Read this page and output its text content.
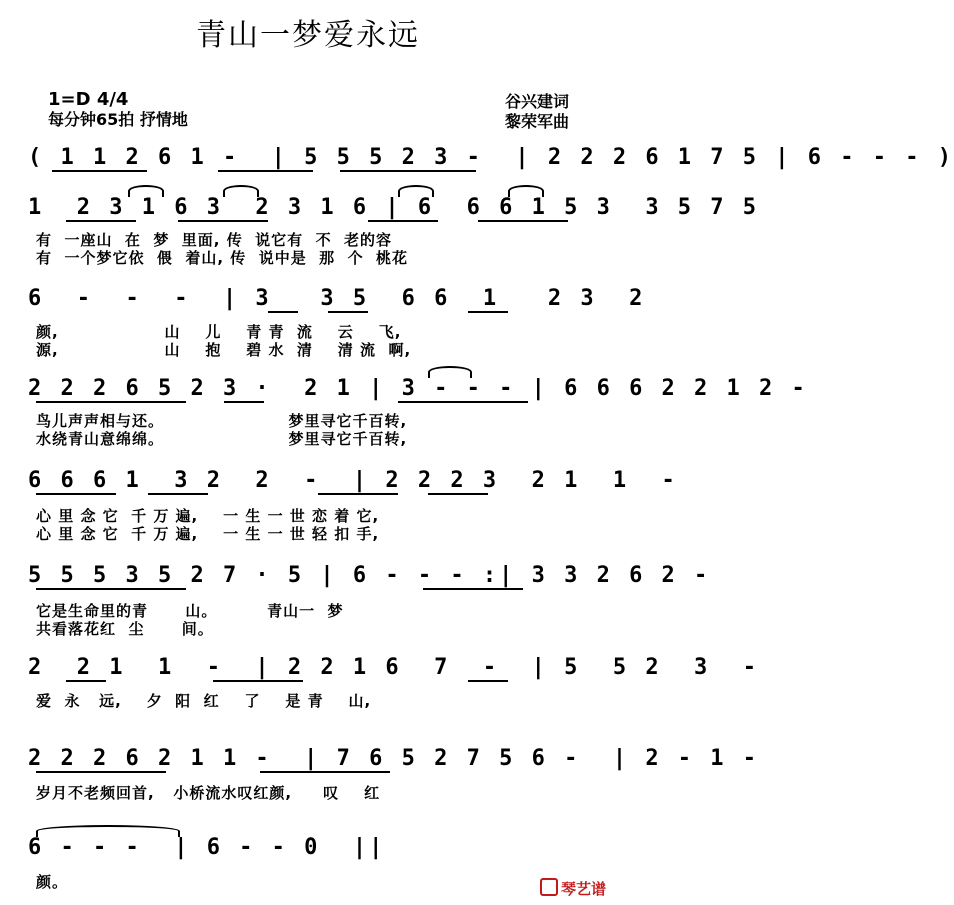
青山一梦爱永远
1=D 4/4
每分钟65拍 抒情地
谷兴建词
黎荣军曲
( 1 1 2 6 1 -  | 5 5 5 2 3 -  | 2 2 2 6 1 7 5 | 6 - - - )
1  2 3 1 6 3  2 3 1 6 | 6  6 6 1 5 3  3 5 7 5
有  一座山  在  梦  里面, 传  说它有  不  老的容
有  一个梦它依  偎  着山, 传  说中是  那  个  桃花
6  -  -  -  | 3   3 5  6 6  1   2 3  2
颜,                 山    儿    青 青  流    云    飞,
源,                 山    抱    碧 水  清    清 流  啊,
2 2 2 6 5 2 3 ·  2 1 | 3 - - - | 6 6 6 2 2 1 2 -
鸟儿声声相与还。                    梦里寻它千百转,
水绕青山意绵绵。                    梦里寻它千百转,
6 6 6 1  3 2  2  -  | 2 2 2 3  2 1  1  -
心 里 念 它  千 万 遍,    一 生 一 世 恋 着 它,
心 里 念 它  千 万 遍,    一 生 一 世 轻 扣 手,
5 5 5 3 5 2 7 · 5 | 6 - - - :| 3 3 2 6 2 -
它是生命里的青      山。        青山一  梦
共看落花红  尘      间。
2  2 1  1  -  | 2 2 1 6  7  -  | 5  5 2  3  -
爱  永   远,    夕  阳  红    了    是 青    山,
2 2 2 6 2 1 1 -  | 7 6 5 2 7 5 6 -  | 2 - 1 -
岁月不老频回首,   小桥流水叹红颜,     叹    红
6 - - -  | 6 - - 0  ||
颜。	琴艺谱
